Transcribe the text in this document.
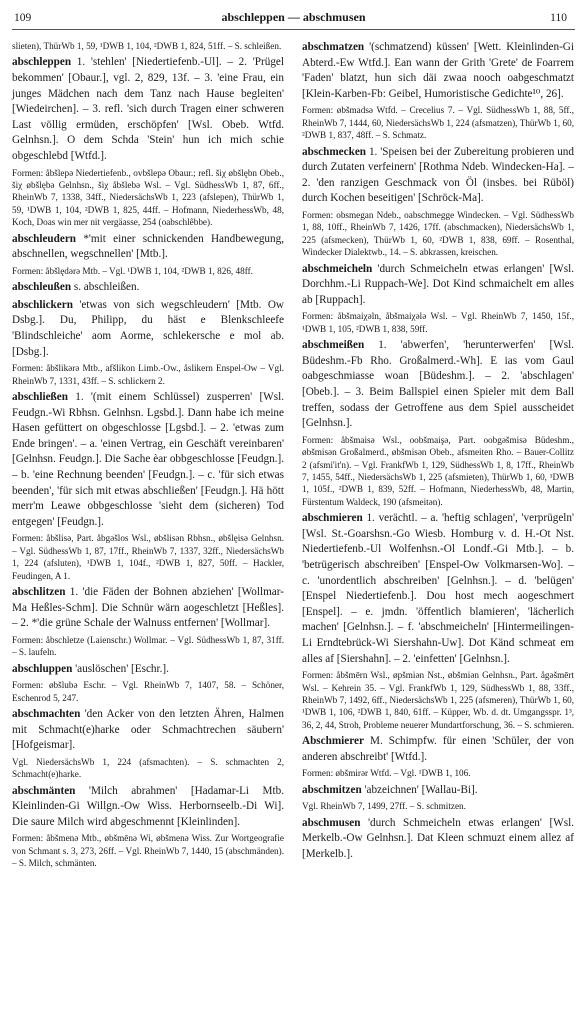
109	abschleppen — abschmusen	110

slieten), ThürWb 1, 59, ¹DWB 1, 104, ²DWB 1, 824, 51ff. – S. schleißen.

abschleppen 1. 'stehlen' [Niedertiefenb.-Ul]. – 2. 'Prügel bekommen' [Obaur.], vgl. 2, 829, 13f. – 3. 'eine Frau, ein junges Mädchen nach dem Tanz nach Hause begleiten' [Wiedeirchen]. – 3. refl. 'sich durch Tragen einer schweren Last völlig ermüden, erschöpfen' [Wsl. Obeb. Wtfd. Gelnhsn.]. O dem Schda 'Stein' hun ich mich schie obgeschlebd [Wtfd.].

Formen: åbšlepə Niedertiefenb., ovbšlepə Obaur.; refl. šiχ øbšlębn Obeb., šiχ øbšlębə Gelnhsn., šiχ åbšlebə Wsl. – Vgl. SüdhessWb 1, 87, 6ff., RheinWb 7, 1338, 34ff., NiedersächsWb 1, 223 (afslepen), ThürWb 1, 59, ¹DWB 1, 104, ²DWB 1, 825, 44ff. – Hofmann, NiederhessWb, 48, Koch, Doas win mer nit vergäasse, 254 (oabschlêbbe).

abschleudern *'mit einer schnickenden Handbewegung, abschnellen, wegschnellen' [Mtb.].

Formen: åbšlędərə Mtb. – Vgl. ¹DWB 1, 104, ²DWB 1, 826, 48ff.

abschleußen s. abschleißen.

abschlickern 'etwas von sich wegschleudern' [Mtb. Ow Dsbg.]. Du, Philipp, du häst e Blenkschleefe 'Blindschleiche' aom Aorme, schlekersche e mol ab. [Dsbg.].

Formen: åbšlikərə Mtb., afšlikon Limb.-Ow., åslikern Enspel-Ow – Vgl. RheinWb 7, 1331, 43ff. – S. schlickern 2.

abschließen 1. '(mit einem Schlüssel) zusperren' [Wsl. Feudgn.-Wi Rbhsn. Gelnhsn. Lgsbd.]. Dann habe ich meine Hasen gefüttert on obgeschlosse [Lgsbd.]. – 2. 'etwas zum Ende bringen'. – a. 'einen Vertrag, ein Geschäft vereinbaren' [Gelnhsn. Feudgn.]. Die Sache èar obbgeschlosse [Feudgn.]. – b. 'eine Rechnung beenden' [Feudgn.]. – c. 'für sich etwas beenden', 'für sich mit etwas abschließen' [Feudgn.]. Hä hött merr'm Leawe obbgeschlosse 'sieht dem (sicheren) Tod entgegen' [Feudgn.].

Formen: åbšlisə, Part. åbgəšlos Wsl., øbšlisən Rbhsn., øbšlęisə Gelnhsn. – Vgl. SüdhessWb 1, 87, 17ff., RheinWb 7, 1337, 32ff., NiedersächsWb 1, 224 (afsluten), ¹DWB 1, 104f., ²DWB 1, 827, 50ff. – Hackler, Feudingen, A 1.

abschlitzen 1. 'die Fäden der Bohnen abziehen' [Wollmar-Ma Heßles-Schm]. Die Schnür wärn aogeschletzt [Heßles]. – 2. *'die grüne Schale der Walnuss entfernen' [Wollmar].

Formen: åbschletze (Laienschr.) Wollmar. – Vgl. SüdhessWb 1, 87, 31ff. – S. laufeln.

abschluppen 'auslöschen' [Eschr.].

Formen: øbšlubə Eschr. – Vgl. RheinWb 7, 1407, 58. – Schöner, Eschenrod 5, 247.

abschmachten 'den Acker von den letzten Ähren, Halmen mit Schmacht(e)harke oder Schmachtrechen säubern' [Hofgeismar].

Vgl. NiedersächsWb 1, 224 (afsmachten). – S. schmachten 2, Schmacht(e)harke.

abschmänten 'Milch abrahmen' [Hadamar-Li Mtb. Kleinlinden-Gi Willgn.-Ow Wiss. Herbornseelb.-Di Wi]. Die saure Milch wird abgeschmennt [Kleinlinden].

Formen: åbšmenə Mtb., øbšmēnə Wi, øbšmenə Wiss. Zur Wortgeografie von Schmant s. 3, 273, 26ff. – Vgl. RheinWb 7, 1440, 15 (abschmänden). – S. Milch, schmänten.

abschmatzen '(schmatzend) küssen' [Wett. Kleinlinden-Gi Abterd.-Ew Wtfd.]. Ean wann der Grith 'Grete' de Foarrem 'Faden' blatzt, hun sich däi zwaa nooch oabgeschmatzt [Klein-Karben-Fb: Geibel, Humoristische Gedichte¹⁰, 26].

Formen: øbšmadsə Wtfd. – Crecelius 7. – Vgl. SüdhessWb 1, 88, 5ff., RheinWb 7, 1444, 60, NiedersächsWb 1, 224 (afsmatzen), ThürWb 1, 60, ²DWB 1, 837, 48ff. – S. Schmatz.

abschmecken 1. 'Speisen bei der Zubereitung probieren und durch Zutaten verfeinern' [Rothma Ndeb. Windecken-Ha]. – 2. 'den ranzigen Geschmack von Öl (insbes. bei Rüböl) durch Kochen beseitigen' [Schröck-Ma].

Formen: obsmegan Ndeb., oabschmegge Windecken. – Vgl. SüdhessWb 1, 88, 10ff., RheinWb 7, 1426, 17ff. (abschmacken), NiedersächsWb 1, 225 (afsmecken), ThürWb 1, 60, ²DWB 1, 838, 69ff. – Rosenthal, Windecker Dialektwb., 14. – S. abkrassen, kreischen.

abschmeicheln 'durch Schmeicheln etwas erlangen' [Wsl. Dorchhm.-Li Ruppach-We]. Dot Kind schmaichelt em alles ab [Ruppach].

Formen: åbšmaiχəln, åbšmaiχələ Wsl. – Vgl. RheinWb 7, 1450, 15f., ¹DWB 1, 105, ²DWB 1, 838, 59ff.

abschmeißen 1. 'abwerfen', 'herunterwerfen' [Wsl. Büdeshm.-Fb Rho. Großalmerd.-Wh]. E ias vom Gaul oabgeschmiasse woan [Büdeshm.]. – 2. 'abschlagen' [Obeb.]. – 3. Beim Ballspiel einen Spieler mit dem Ball treffen, sodass der Getroffene aus dem Spiel ausscheidet [Gelnhsn.].

Formen: åbšmaisə Wsl., oobšmaişə, Part. oobgəšmisə Büdeshm., øbšmisən Großalmerd., øbšmisən Obeb., afsmeiten Rho. – Bauer-Collitz 2 (afsmi'it'n). – Vgl. FrankfWb 1, 129, SüdhessWb 1, 8, 17ff., RheinWb 7, 1455, 54ff., NiedersächsWb 1, 225 (afsmieten), ThürWb 1, 60, ¹DWB 1, 105f., ²DWB 1, 839, 52ff. – Hofmann, NiederhessWb, 48, Martin, Fürstentum Waldeck, 190 (afsmeitən).

abschmieren 1. verächtl. – a. 'heftig schlagen', 'verprügeln' [Wsl. St.-Goarshsn.-Go Wiesb. Homburg v. d. H.-Ot Nst. Niedertiefenb.-Ul Wolfenhsn.-Ol Londf.-Gi Mtb.]. – b. 'betrügerisch abschreiben' [Enspel-Ow Volkmarsen-Wo]. – c. 'unordentlich abschreiben' [Gelnhsn.]. – d. 'belügen' [Enspel Niedertiefenb.]. Dou host mech aogeschmert [Enspel]. – e. jmdn. 'öffentlich blamieren', 'lächerlich machen' [Gelnhsn.]. – f. 'abschmeicheln' [Hintermeilingen-Li Erndtebrück-Wi Siershahn-Uw]. Dot Känd schmeat em alles af [Siershahn]. – 2. 'einfetten' [Gelnhsn.].

Formen: åbšmērn Wsl., øpšmiən Nst., øbšmiən Gelnhsn., Part. ågəšmērt Wsl. – Kehrein 35. – Vgl. FrankfWb 1, 129, SüdhessWb 1, 88, 33ff., RheinWb 7, 1492, 6ff., NiedersächsWb 1, 225 (afsmeren), ThürWb 1, 60, ¹DWB 1, 106, ²DWB 1, 840, 61ff. – Küpper, Wb. d. dt. Umgangsspr. 1³, 36, 2, 44, Stroh, Probleme neuerer Mundartforschung, 36. – S. schmieren.

Abschmierer M. Schimpfw. für einen 'Schüler, der von anderen abschreibt' [Wtfd.].

Formen: øbšmirər Wtfd. – Vgl. ¹DWB 1, 106.

abschmitzen 'abzeichnen' [Wallau-Bi].

Vgl. RheinWb 7, 1499, 27ff. – S. schmitzen.

abschmusen 'durch Schmeicheln etwas erlangen' [Wsl. Merkelb.-Ow Gelnhsn.]. Dat Kleen schmuzt einem allez af [Merkelb.].
